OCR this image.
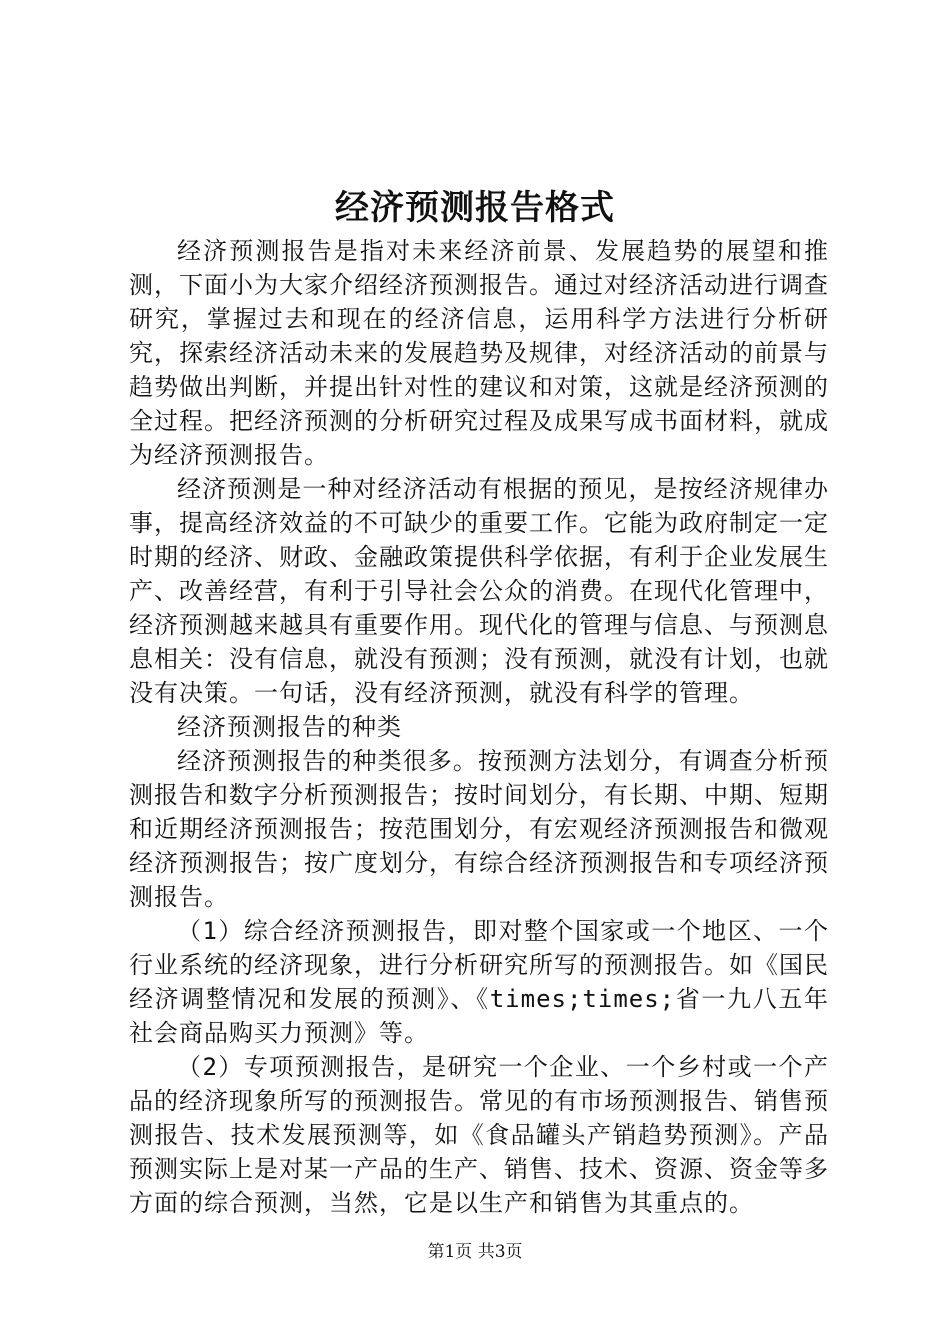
经济预测报告格式

经济预测报告是指对未来经济前景、发展趋势的展望和推测，下面小为大家介绍经济预测报告。通过对经济活动进行调查研究，掌握过去和现在的经济信息，运用科学方法进行分析研究，探索经济活动未来的发展趋势及规律，对经济活动的前景与趋势做出判断，并提出针对性的建议和对策，这就是经济预测的全过程。把经济预测的分析研究过程及成果写成书面材料，就成为经济预测报告。

经济预测是一种对经济活动有根据的预见，是按经济规律办事，提高经济效益的不可缺少的重要工作。它能为政府制定一定时期的经济、财政、金融政策提供科学依据，有利于企业发展生产、改善经营，有利于引导社会公众的消费。在现代化管理中，经济预测越来越具有重要作用。现代化的管理与信息、与预测息息相关：没有信息，就没有预测；没有预测，就没有计划，也就没有决策。一句话，没有经济预测，就没有科学的管理。

经济预测报告的种类

经济预测报告的种类很多。按预测方法划分，有调查分析预测报告和数字分析预测报告；按时间划分，有长期、中期、短期和近期经济预测报告；按范围划分，有宏观经济预测报告和微观经济预测报告；按广度划分，有综合经济预测报告和专项经济预测报告。

（1）综合经济预测报告，即对整个国家或一个地区、一个行业系统的经济现象，进行分析研究所写的预测报告。如《国民经济调整情况和发展的预测》、《times;times;省一九八五年社会商品购买力预测》等。

（2）专项预测报告，是研究一个企业、一个乡村或一个产品的经济现象所写的预测报告。常见的有市场预测报告、销售预测报告、技术发展预测等，如《食品罐头产销趋势预测》。产品预测实际上是对某一产品的生产、销售、技术、资源、资金等多方面的综合预测，当然，它是以生产和销售为其重点的。

第1页 共3页
